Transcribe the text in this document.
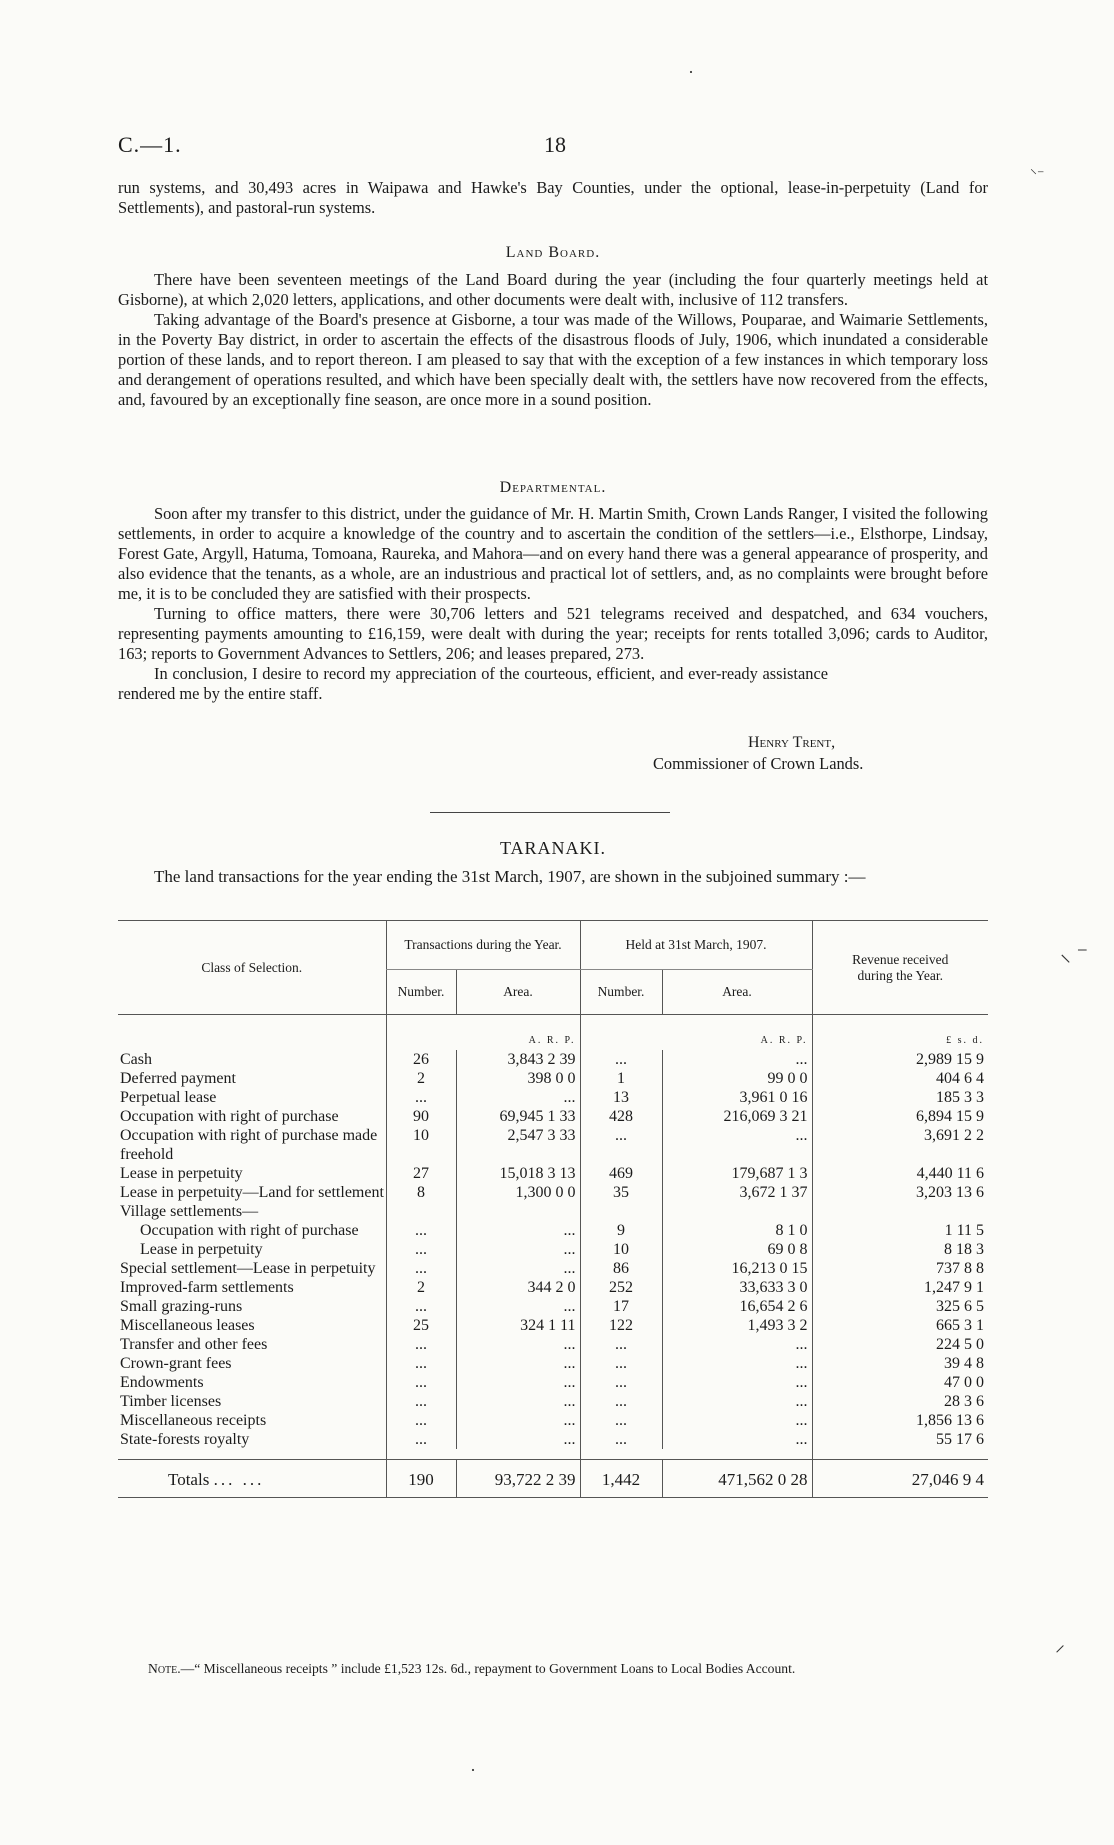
·
⸌⁻
⸜ ⁻
⸝
·
C.—1.	18

run systems, and 30,493 acres in Waipawa and Hawke's Bay Counties, under the optional, lease-in-perpetuity (Land for Settlements), and pastoral-run systems.

Land Board.

There have been seventeen meetings of the Land Board during the year (including the four quarterly meetings held at Gisborne), at which 2,020 letters, applications, and other documents were dealt with, inclusive of 112 transfers.

Taking advantage of the Board's presence at Gisborne, a tour was made of the Willows, Pouparae, and Waimarie Settlements, in the Poverty Bay district, in order to ascertain the effects of the disastrous floods of July, 1906, which inundated a considerable portion of these lands, and to report thereon. I am pleased to say that with the exception of a few instances in which temporary loss and derangement of operations resulted, and which have been specially dealt with, the settlers have now recovered from the effects, and, favoured by an exceptionally fine season, are once more in a sound position.

Departmental.

Soon after my transfer to this district, under the guidance of Mr. H. Martin Smith, Crown Lands Ranger, I visited the following settlements, in order to acquire a knowledge of the country and to ascertain the condition of the settlers—i.e., Elsthorpe, Lindsay, Forest Gate, Argyll, Hatuma, Tomoana, Raureka, and Mahora—and on every hand there was a general appearance of prosperity, and also evidence that the tenants, as a whole, are an industrious and practical lot of settlers, and, as no complaints were brought before me, it is to be concluded they are satisfied with their prospects.

Turning to office matters, there were 30,706 letters and 521 telegrams received and despatched, and 634 vouchers, representing payments amounting to £16,159, were dealt with during the year; receipts for rents totalled 3,096; cards to Auditor, 163; reports to Government Advances to Settlers, 206; and leases prepared, 273.

In conclusion, I desire to record my appreciation of the courteous, efficient, and ever-ready assistance rendered me by the entire staff.

Henry Trent,
Commissioner of Crown Lands.
TARANAKI.

The land transactions for the year ending the 31st March, 1907, are shown in the subjoined summary :—

Class of Selection.	Transactions during the Year.		Held at 31st March, 1907.		Revenue received during the Year.
	Number.	Area.	Number.	Area.	

		A. R. P.		A. R. P.	£ s. d.
Cash	26	3,843 2 39	...	...	2,989 15 9
Deferred payment	2	398 0 0	1	99 0 0	404 6 4
Perpetual lease	...	...	13	3,961 0 16	185 3 3
Occupation with right of purchase	90	69,945 1 33	428	216,069 3 21	6,894 15 9
Occupation with right of purchase made freehold	10	2,547 3 33	...	...	3,691 2 2
Lease in perpetuity	27	15,018 3 13	469	179,687 1 3	4,440 11 6
Lease in perpetuity—Land for settlement	8	1,300 0 0	35	3,672 1 37	3,203 13 6
Village settlements—					
Occupation with right of purchase	...	...	9	8 1 0	1 11 5
Lease in perpetuity	...	...	10	69 0 8	8 18 3
Special settlement—Lease in perpetuity	...	...	86	16,213 0 15	737 8 8
Improved-farm settlements	2	344 2 0	252	33,633 3 0	1,247 9 1
Small grazing-runs	...	...	17	16,654 2 6	325 6 5
Miscellaneous leases	25	324 1 11	122	1,493 3 2	665 3 1
Transfer and other fees	...	...	...	...	224 5 0
Crown-grant fees	...	...	...	...	39 4 8
Endowments	...	...	...	...	47 0 0
Timber licenses	...	...	...	...	28 3 6
Miscellaneous receipts	...	...	...	...	1,856 13 6
State-forests royalty	...	...	...	...	55 17 6

Totals ... ...	190	93,722 2 39	1,442	471,562 0 28	27,046 9 4
Note.—“ Miscellaneous receipts ” include £1,523 12s. 6d., repayment to Government Loans to Local Bodies Account.
